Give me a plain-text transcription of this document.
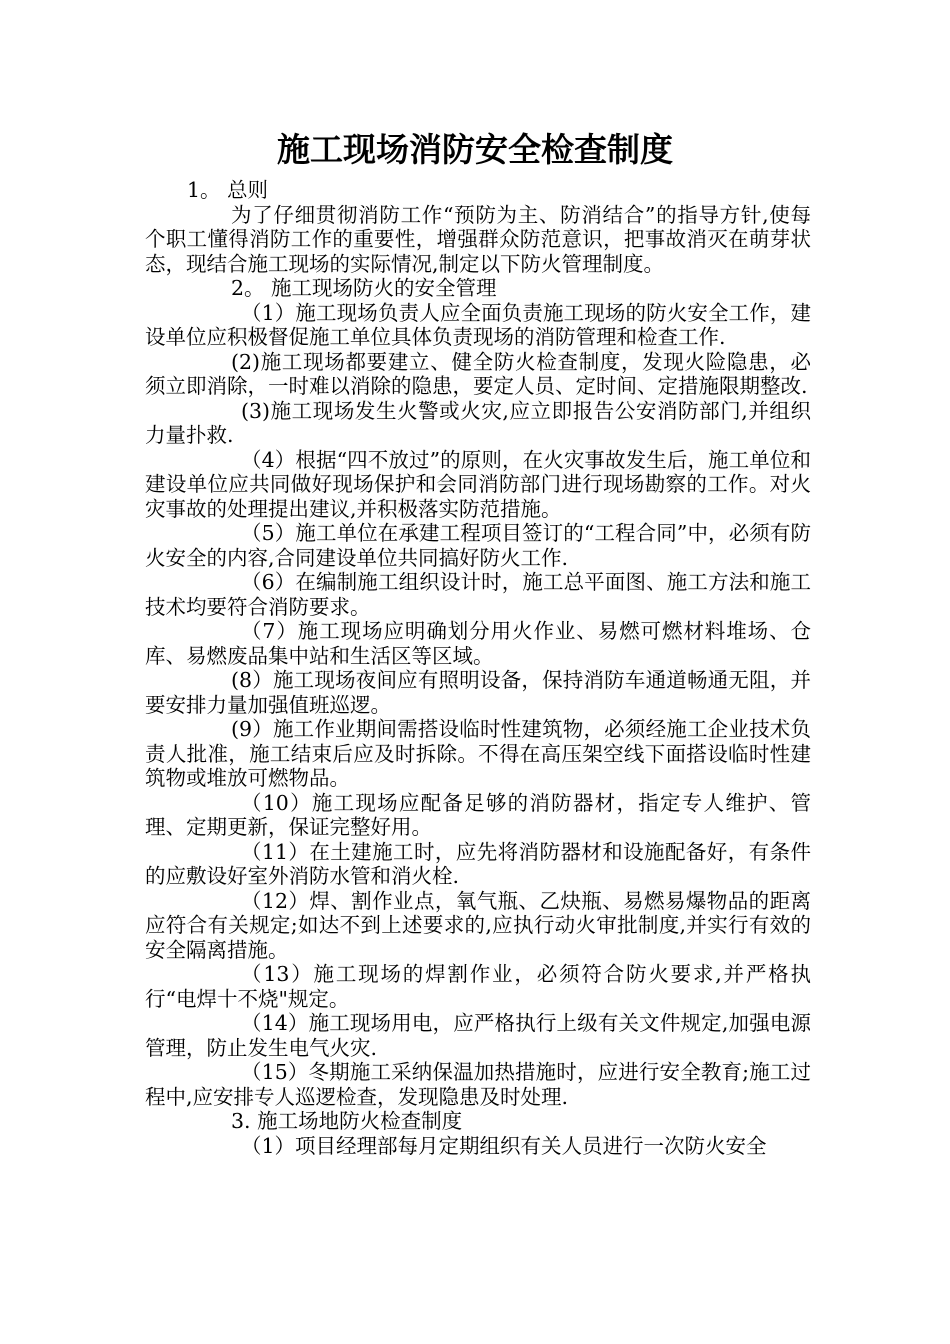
施工现场消防安全检查制度

1。 总则

为了仔细贯彻消防工作“预防为主、防消结合”的指导方针,使每个职工懂得消防工作的重要性，增强群众防范意识，把事故消灭在萌芽状态，现结合施工现场的实际情况,制定以下防火管理制度。

2。 施工现场防火的安全管理

（1）施工现场负责人应全面负责施工现场的防火安全工作，建设单位应积极督促施工单位具体负责现场的消防管理和检查工作.

(2)施工现场都要建立、健全防火检查制度，发现火险隐患，必须立即消除，一时难以消除的隐患，要定人员、定时间、定措施限期整改.

(3)施工现场发生火警或火灾,应立即报告公安消防部门,并组织力量扑救.

（4）根据“四不放过”的原则，在火灾事故发生后，施工单位和建设单位应共同做好现场保护和会同消防部门进行现场勘察的工作。对火灾事故的处理提出建议,并积极落实防范措施。

（5）施工单位在承建工程项目签订的“工程合同”中，必须有防火安全的内容,合同建设单位共同搞好防火工作.

（6）在编制施工组织设计时，施工总平面图、施工方法和施工技术均要符合消防要求。

（7）施工现场应明确划分用火作业、易燃可燃材料堆场、仓库、易燃废品集中站和生活区等区域。

(8）施工现场夜间应有照明设备，保持消防车通道畅通无阻，并要安排力量加强值班巡逻。

(9）施工作业期间需搭设临时性建筑物，必须经施工企业技术负责人批准，施工结束后应及时拆除。不得在高压架空线下面搭设临时性建筑物或堆放可燃物品。

（10）施工现场应配备足够的消防器材，指定专人维护、管理、定期更新，保证完整好用。

（11）在土建施工时，应先将消防器材和设施配备好，有条件的应敷设好室外消防水管和消火栓.

（12）焊、割作业点，氧气瓶、乙炔瓶、易燃易爆物品的距离应符合有关规定;如达不到上述要求的,应执行动火审批制度,并实行有效的安全隔离措施。

（13）施工现场的焊割作业，必须符合防火要求,并严格执行“电焊十不烧"规定。

（14）施工现场用电，应严格执行上级有关文件规定,加强电源管理，防止发生电气火灾.

（15）冬期施工采纳保温加热措施时，应进行安全教育;施工过程中,应安排专人巡逻检查，发现隐患及时处理.

3. 施工场地防火检查制度

（1）项目经理部每月定期组织有关人员进行一次防火安全
